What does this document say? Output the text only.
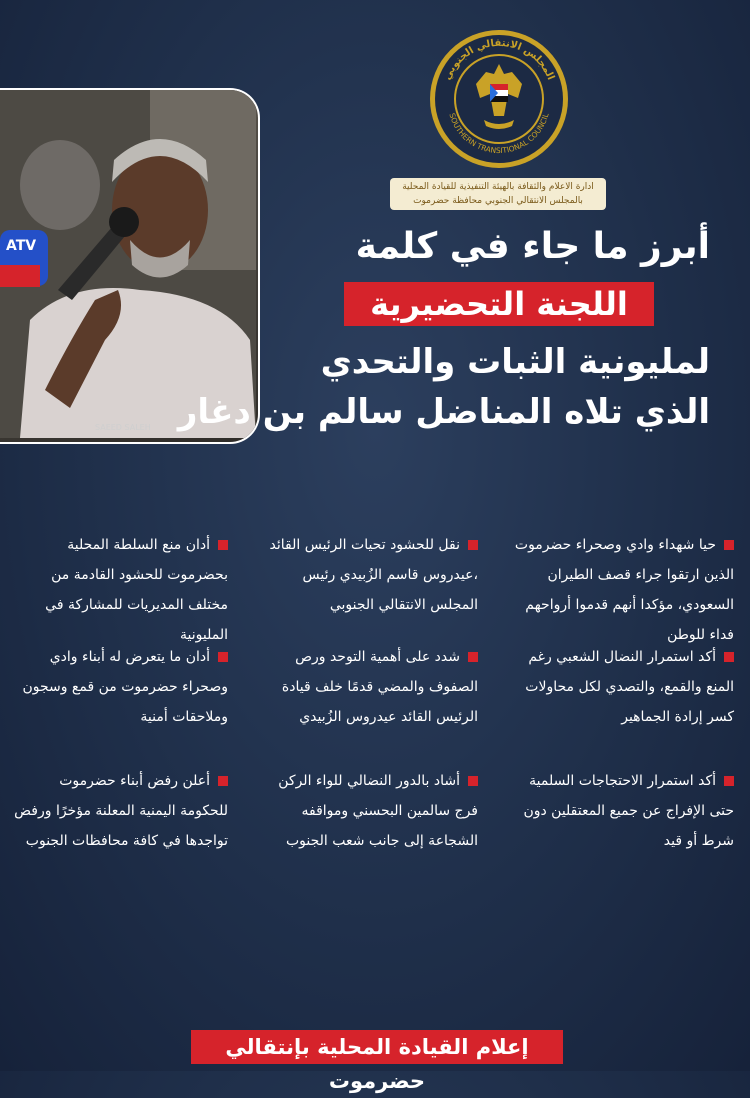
ATV
SAEED SALEH
المجلس الانتقالي الجنوبي
SOUTHERN TRANSITIONAL COUNCIL
ادارة الاعلام والثقافة بالهيئة التنفيذية للقيادة المحلية
بالمجلس الانتقالي الجنوبي محافظة حضرموت
أبرز ما جاء في كلمة
اللجنة التحضيرية
لمليونية الثبات والتحدي
الذي تلاه المناضل سالم بن دغار
حيا شهداء وادي وصحراء حضرموت الذين ارتقوا جراء قصف الطيران السعودي، مؤكدا أنهم قدموا أرواحهم فداء للوطن
نقل للحشود تحيات الرئيس القائد ،عيدروس قاسم الزُبيدي رئيس المجلس الانتقالي الجنوبي
أدان منع السلطة المحلية بحضرموت للحشود القادمة من مختلف المديريات للمشاركة في المليونية
أكد استمرار النضال الشعبي رغم المنع والقمع، والتصدي لكل محاولات كسر إرادة الجماهير
شدد على أهمية التوحد ورص الصفوف والمضي قدمًا خلف قيادة الرئيس القائد عيدروس الزُبيدي
أدان ما يتعرض له أبناء وادي وصحراء حضرموت من قمع وسجون وملاحقات أمنية
أكد استمرار الاحتجاجات السلمية حتى الإفراج عن جميع المعتقلين دون شرط أو قيد
أشاد بالدور النضالي للواء الركن فرج سالمين البحسني ومواقفه الشجاعة إلى جانب شعب الجنوب
أعلن رفض أبناء حضرموت للحكومة اليمنية المعلنة مؤخرًا ورفض تواجدها في كافة محافظات الجنوب
إعلام القيادة المحلية بإنتقالي حضرموت
